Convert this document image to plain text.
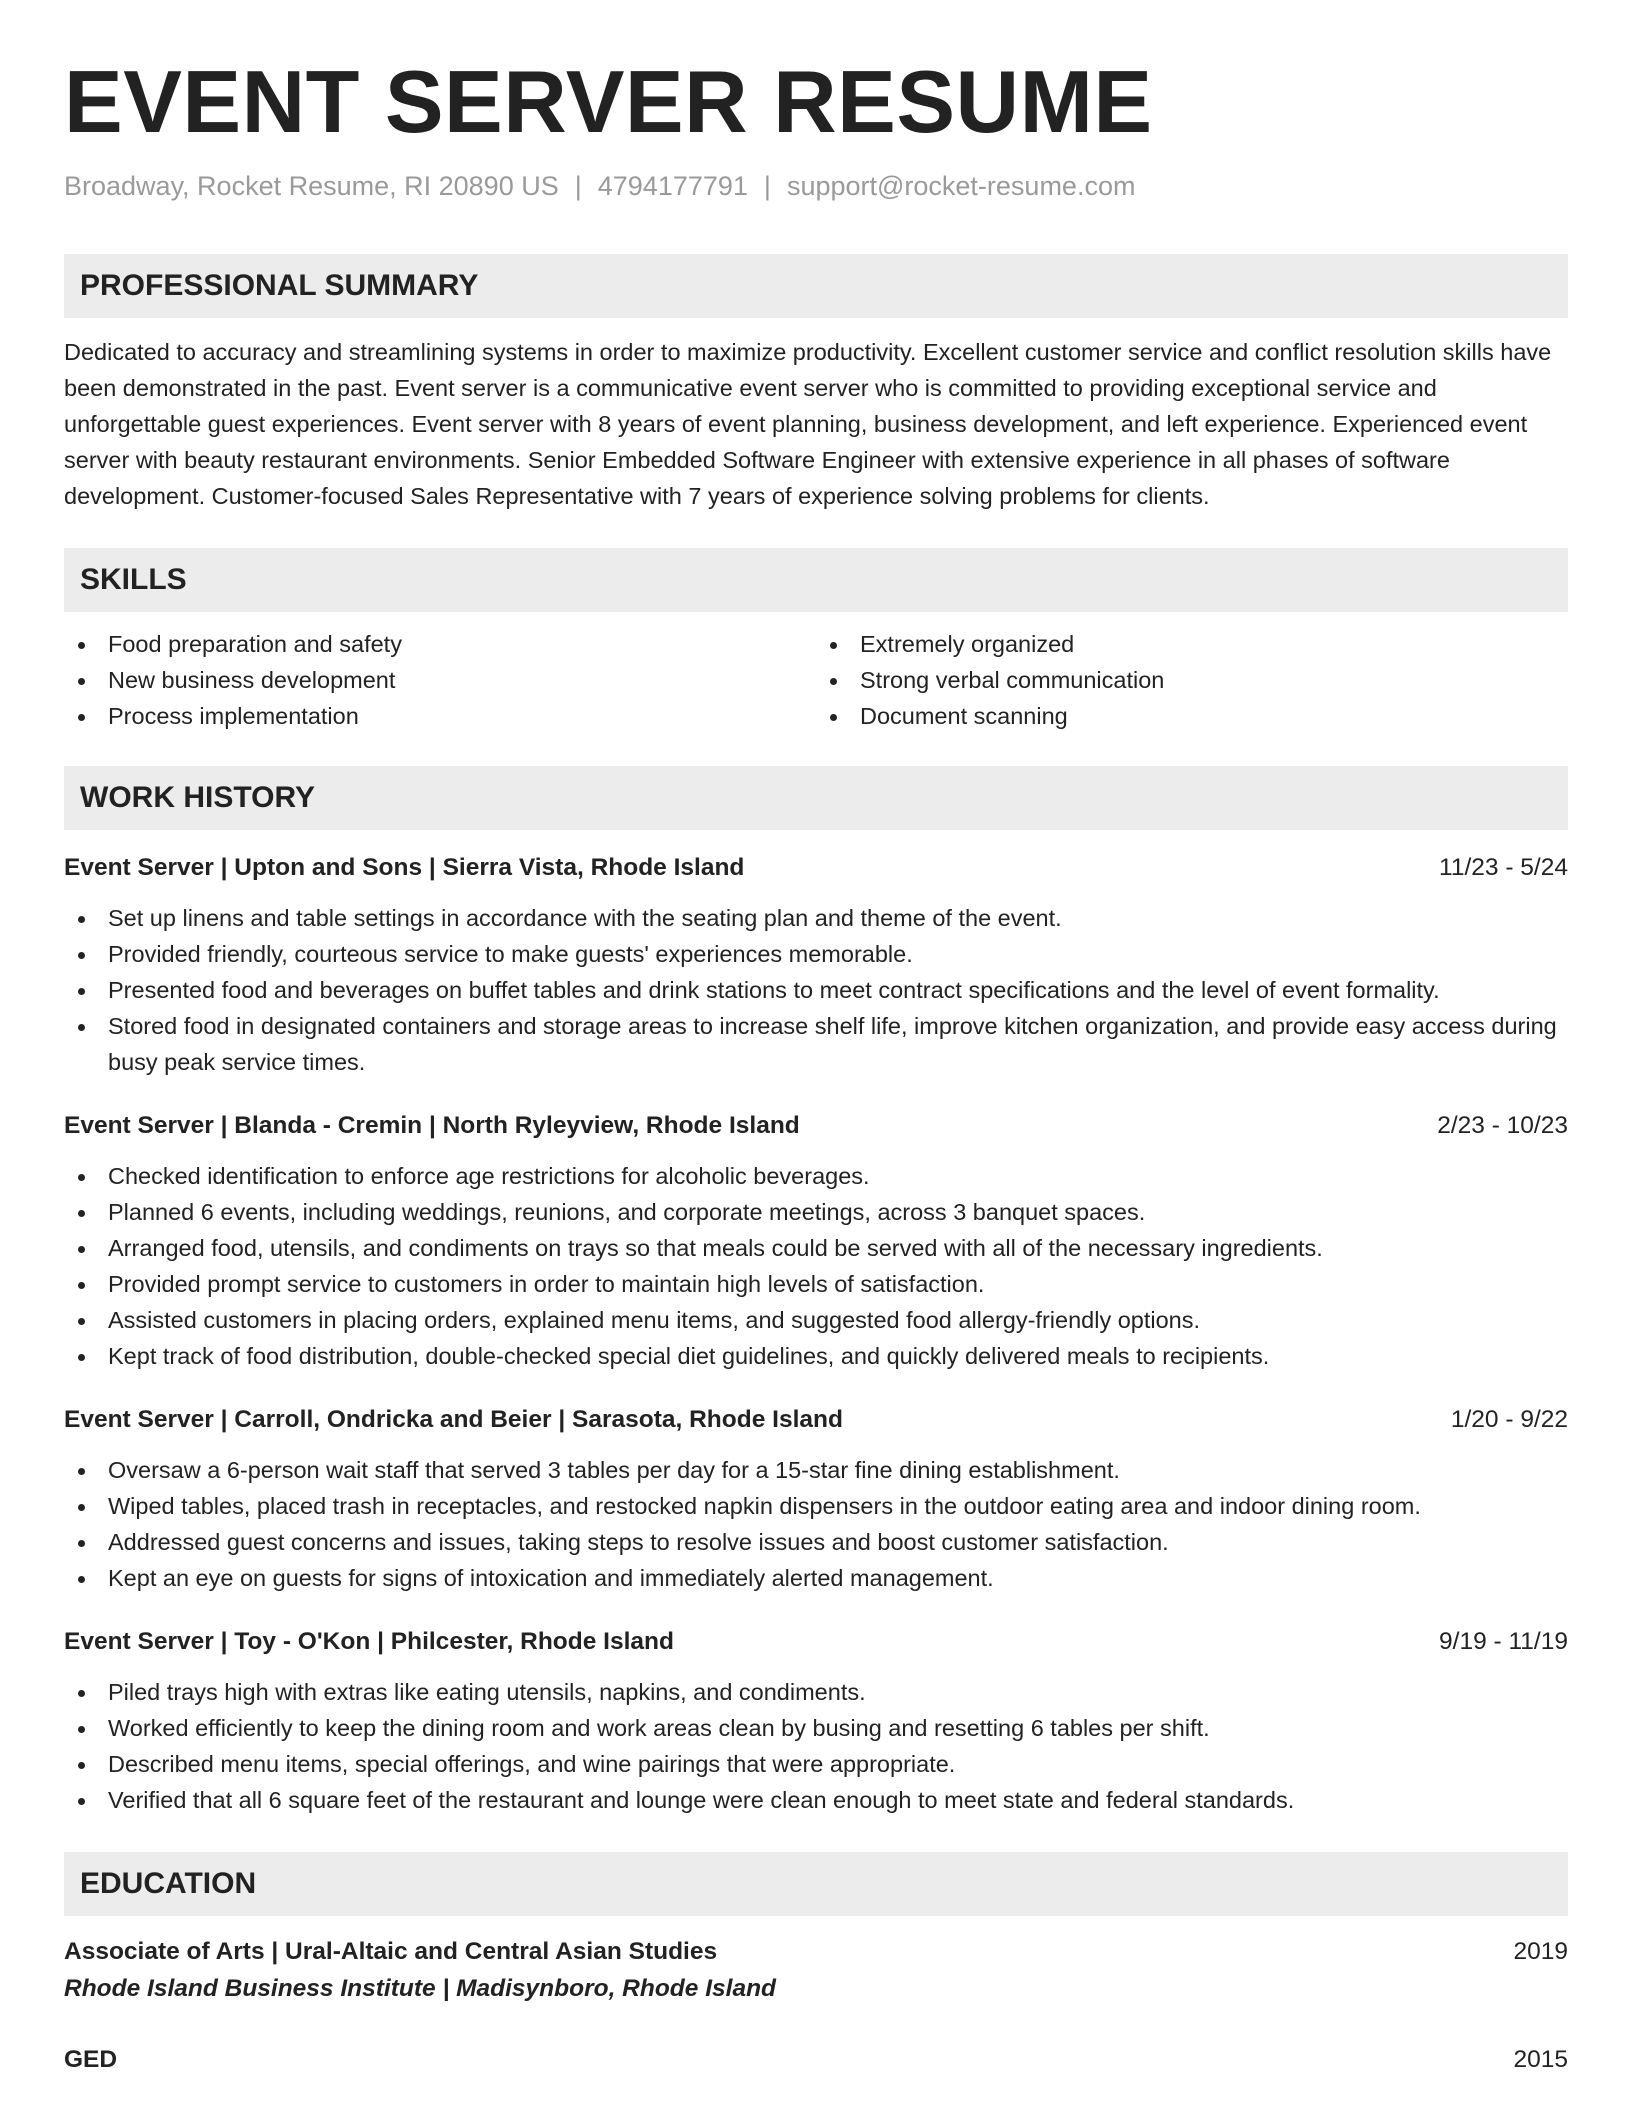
EVENT SERVER RESUME
Broadway, Rocket Resume, RI 20890 US | 4794177791 | support@rocket-resume.com
PROFESSIONAL SUMMARY

Dedicated to accuracy and streamlining systems in order to maximize productivity. Excellent customer service and conflict resolution skills have been demonstrated in the past. Event server is a communicative event server who is committed to providing exceptional service and unforgettable guest experiences. Event server with 8 years of event planning, business development, and left experience. Experienced event server with beauty restaurant environments. Senior Embedded Software Engineer with extensive experience in all phases of software development. Customer-focused Sales Representative with 7 years of experience solving problems for clients.

SKILLS
Food preparation and safety
New business development
Process implementation
Extremely organized
Strong verbal communication
Document scanning
WORK HISTORY
Event Server | Upton and Sons | Sierra Vista, Rhode Island	11/23 - 5/24
Set up linens and table settings in accordance with the seating plan and theme of the event.
Provided friendly, courteous service to make guests' experiences memorable.
Presented food and beverages on buffet tables and drink stations to meet contract specifications and the level of event formality.
Stored food in designated containers and storage areas to increase shelf life, improve kitchen organization, and provide easy access during busy peak service times.
Event Server | Blanda - Cremin | North Ryleyview, Rhode Island	2/23 - 10/23
Checked identification to enforce age restrictions for alcoholic beverages.
Planned 6 events, including weddings, reunions, and corporate meetings, across 3 banquet spaces.
Arranged food, utensils, and condiments on trays so that meals could be served with all of the necessary ingredients.
Provided prompt service to customers in order to maintain high levels of satisfaction.
Assisted customers in placing orders, explained menu items, and suggested food allergy-friendly options.
Kept track of food distribution, double-checked special diet guidelines, and quickly delivered meals to recipients.
Event Server | Carroll, Ondricka and Beier | Sarasota, Rhode Island	1/20 - 9/22
Oversaw a 6-person wait staff that served 3 tables per day for a 15-star fine dining establishment.
Wiped tables, placed trash in receptacles, and restocked napkin dispensers in the outdoor eating area and indoor dining room.
Addressed guest concerns and issues, taking steps to resolve issues and boost customer satisfaction.
Kept an eye on guests for signs of intoxication and immediately alerted management.
Event Server | Toy - O'Kon | Philcester, Rhode Island	9/19 - 11/19
Piled trays high with extras like eating utensils, napkins, and condiments.
Worked efficiently to keep the dining room and work areas clean by busing and resetting 6 tables per shift.
Described menu items, special offerings, and wine pairings that were appropriate.
Verified that all 6 square feet of the restaurant and lounge were clean enough to meet state and federal standards.
EDUCATION
Associate of Arts | Ural-Altaic and Central Asian Studies	2019
Rhode Island Business Institute | Madisynboro, Rhode Island
GED	2015
